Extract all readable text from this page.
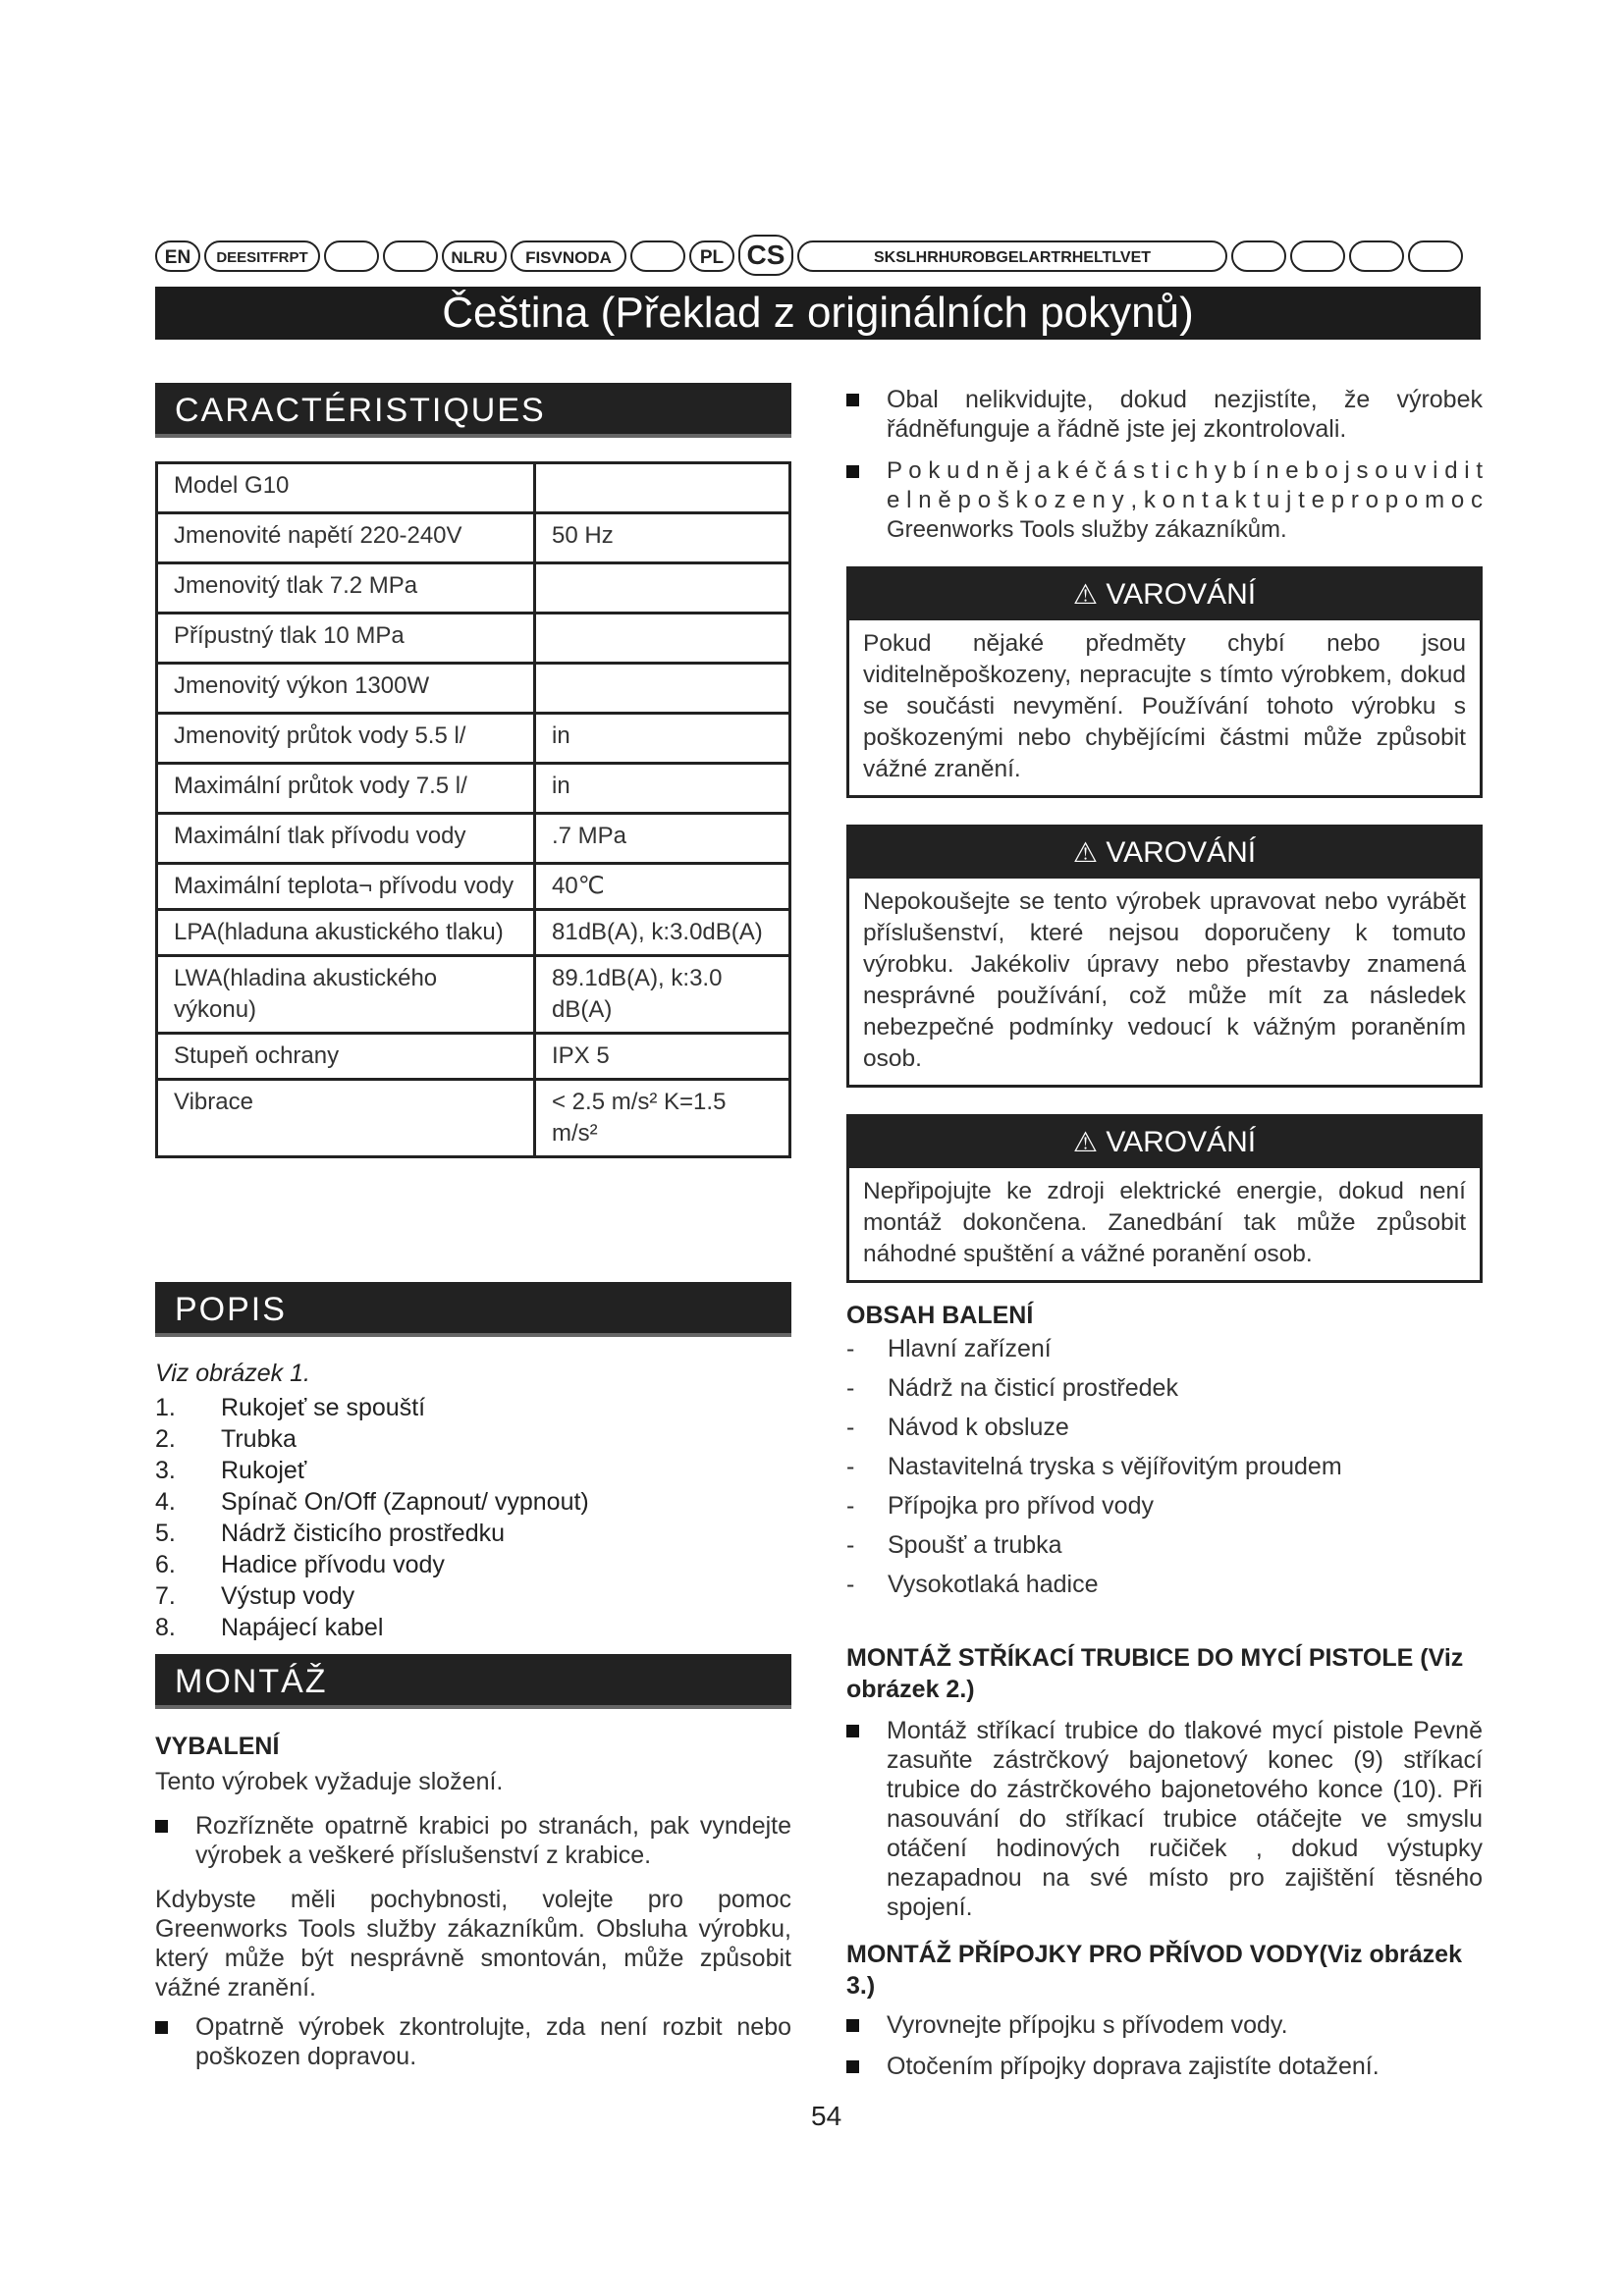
EN	DEESITFRPT	NLRU	FISVNODA	PL CS	SKSLHRHUROBGELARTRHELTLVET
Čeština (Překlad z originálních pokynů)
CARACTÉRISTIQUES
Model G10	
Jmenovité napětí 220-240V	50 Hz
Jmenovitý tlak 7.2 MPa	
Přípustný tlak 10 MPa	
Jmenovitý výkon 1300W	
Jmenovitý průtok vody 5.5 l/	in
Maximální průtok vody 7.5 l/	in
Maximální tlak přívodu vody	.7 MPa
Maximální teplota¬ přívodu vody	40℃
LPA(hladuna akustického tlaku)	81dB(A), k:3.0dB(A)
LWA(hladina akustického výkonu)	89.1dB(A), k:3.0 dB(A)
Stupeň ochrany	IPX 5
Vibrace	< 2.5 m/s² K=1.5 m/s²
POPIS
Viz obrázek 1.
1.	Rukojeť se spouští
2.	Trubka
3.	Rukojeť
4.	Spínač On/Off (Zapnout/ vypnout)
5.	Nádrž čisticího prostředku
6.	Hadice přívodu vody
7.	Výstup vody
8.	Napájecí kabel
MONTÁŽ
VYBALENÍ
Tento výrobek vyžaduje složení.
Rozřízněte opatrně krabici po stranách, pak vyndejte výrobek a veškeré příslušenství z krabice.
Kdybyste měli pochybnosti, volejte pro pomoc Greenworks Tools služby zákazníkům. Obsluha výrobku, který může být nesprávně smontován, může způsobit vážné zranění.
Opatrně výrobek zkontrolujte, zda není rozbit nebo poškozen dopravou.
Obal nelikvidujte, dokud nezjistíte, že výrobek řádněfunguje a řádně jste jej zkontrolovali.
P o k u d n ě j a k é č á s t i c h y b í n e b o j s o u v i d i t e l n ě p o š k o z e n y , k o n t a k t u j t e p r o p o m o c Greenworks Tools služby zákazníkům.
⚠ VAROVÁNÍ
Pokud nějaké předměty chybí nebo jsou viditelněpoškozeny, nepracujte s tímto výrobkem, dokud se součásti nevymění. Používání tohoto výrobku s poškozenými nebo chybějícími částmi může způsobit vážné zranění.
⚠ VAROVÁNÍ
Nepokoušejte se tento výrobek upravovat nebo vyrábět příslušenství, které nejsou doporučeny k tomuto výrobku. Jakékoliv úpravy nebo přestavby znamená nesprávné používání, což může mít za následek nebezpečné podmínky vedoucí k vážným poraněním osob.
⚠ VAROVÁNÍ
Nepřipojujte ke zdroji elektrické energie, dokud není montáž dokončena. Zanedbání tak může způsobit náhodné spuštění a vážné poranění osob.
OBSAH BALENÍ
-	Hlavní zařízení
-	Nádrž na čisticí prostředek
-	Návod k obsluze
-	Nastavitelná tryska s vějířovitým proudem
-	Přípojka pro přívod vody
-	Spoušť a trubka
-	Vysokotlaká hadice
MONTÁŽ STŘÍKACÍ TRUBICE DO MYCÍ PISTOLE (Viz obrázek 2.)
Montáž stříkací trubice do tlakové mycí pistole Pevně zasuňte zástrčkový bajonetový konec (9) stříkací trubice do zástrčkového bajonetového konce (10). Při nasouvání do stříkací trubice otáčejte ve smyslu otáčení hodinových ručiček , dokud výstupky nezapadnou na své místo pro zajištění těsného spojení.
MONTÁŽ PŘÍPOJKY PRO PŘÍVOD VODY(Viz obrázek 3.)
Vyrovnejte přípojku s přívodem vody.
Otočením přípojky doprava zajistíte dotažení.
54
